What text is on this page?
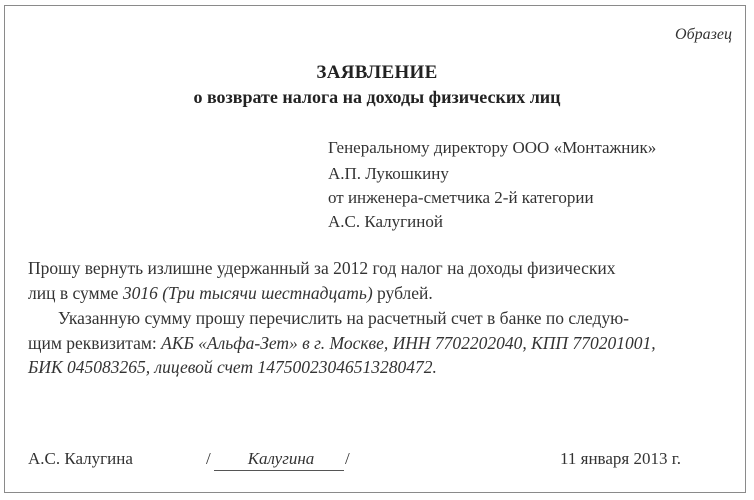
Образец
ЗАЯВЛЕНИЕ
о возврате налога на доходы физических лиц
Генеральному директору ООО «Монтажник»
А.П. Лукошкину
от инженера-сметчика 2-й категории
А.С. Калугиной
Прошу вернуть излишне удержанный за 2012 год налог на доходы физических
лиц в сумме 3016 (Три тысячи шестнадцать) рублей.
Указанную сумму прошу перечислить на расчетный счет в банке по следую-
щим реквизитам: АКБ «Альфа-Зет» в г. Москве, ИНН 7702202040, КПП 770201001,
БИК 045083265, лицевой счет 14750023046513280472.
А.С. Калугина	/	Калугина	/	11 января 2013 г.
